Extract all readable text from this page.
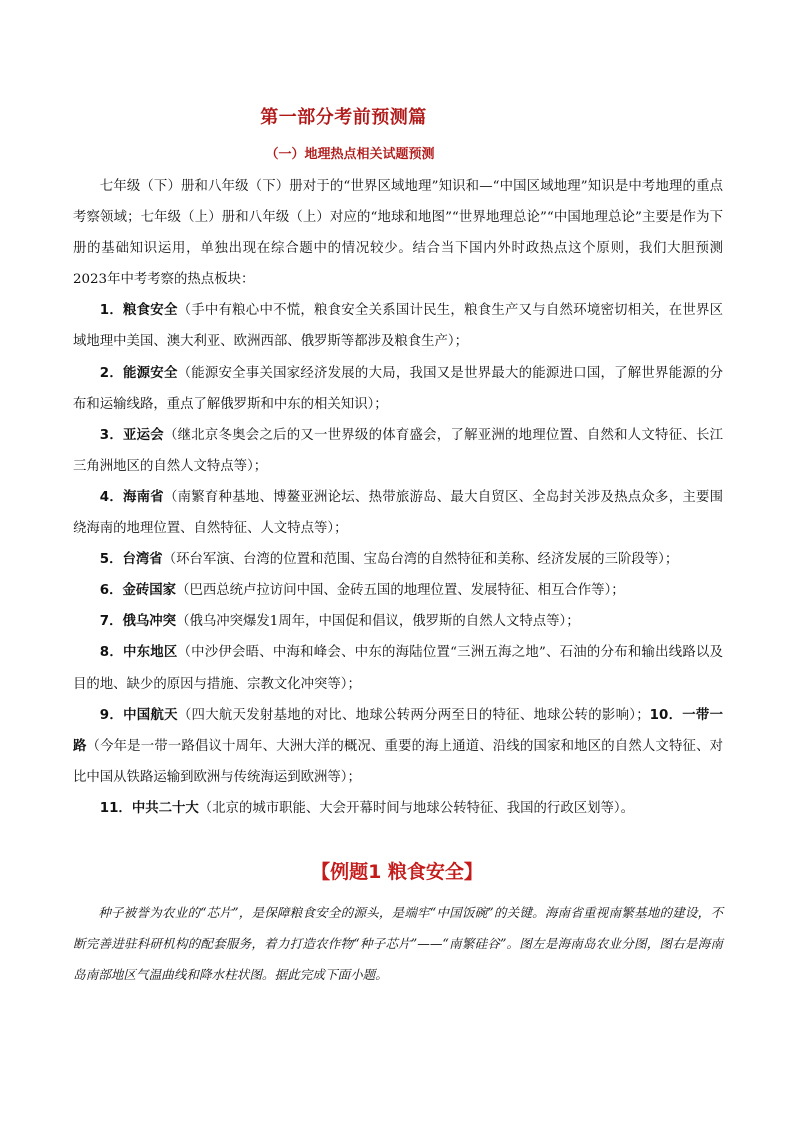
第一部分考前预测篇
（一）地理热点相关试题预测

七年级（下）册和八年级（下）册对于的“世界区域地理”知识和—“中国区域地理”知识是中考地理的重点考察领域；七年级（上）册和八年级（上）对应的“地球和地图”“世界地理总论”“中国地理总论”主要是作为下册的基础知识运用，单独出现在综合题中的情况较少。结合当下国内外时政热点这个原则，我们大胆预测2023年中考考察的热点板块：

1．粮食安全（手中有粮心中不慌，粮食安全关系国计民生，粮食生产又与自然环境密切相关，在世界区域地理中美国、澳大利亚、欧洲西部、俄罗斯等都涉及粮食生产）；

2．能源安全（能源安全事关国家经济发展的大局，我国又是世界最大的能源进口国，了解世界能源的分布和运输线路，重点了解俄罗斯和中东的相关知识）；

3．亚运会（继北京冬奥会之后的又一世界级的体育盛会，了解亚洲的地理位置、自然和人文特征、长江三角洲地区的自然人文特点等）；

4．海南省（南繁育种基地、博鳌亚洲论坛、热带旅游岛、最大自贸区、全岛封关涉及热点众多，主要围绕海南的地理位置、自然特征、人文特点等）；

5．台湾省（环台军演、台湾的位置和范围、宝岛台湾的自然特征和美称、经济发展的三阶段等）；

6．金砖国家（巴西总统卢拉访问中国、金砖五国的地理位置、发展特征、相互合作等）；

7．俄乌冲突（俄乌冲突爆发1周年，中国促和倡议，俄罗斯的自然人文特点等）；

8．中东地区（中沙伊会晤、中海和峰会、中东的海陆位置“三洲五海之地”、石油的分布和输出线路以及目的地、缺少的原因与措施、宗教文化冲突等）；

9．中国航天（四大航天发射基地的对比、地球公转两分两至日的特征、地球公转的影响）；10．一带一路（今年是一带一路倡议十周年、大洲大洋的概况、重要的海上通道、沿线的国家和地区的自然人文特征、对比中国从铁路运输到欧洲与传统海运到欧洲等）；

11．中共二十大（北京的城市职能、大会开幕时间与地球公转特征、我国的行政区划等）。

【例题1 粮食安全】

种子被誉为农业的“芯片”，是保障粮食安全的源头，是端牢“中国饭碗”的关键。海南省重视南繁基地的建设，不断完善进驻科研机构的配套服务，着力打造农作物“种子芯片”——“南繁硅谷”。图左是海南岛农业分图，图右是海南岛南部地区气温曲线和降水柱状图。据此完成下面小题。
